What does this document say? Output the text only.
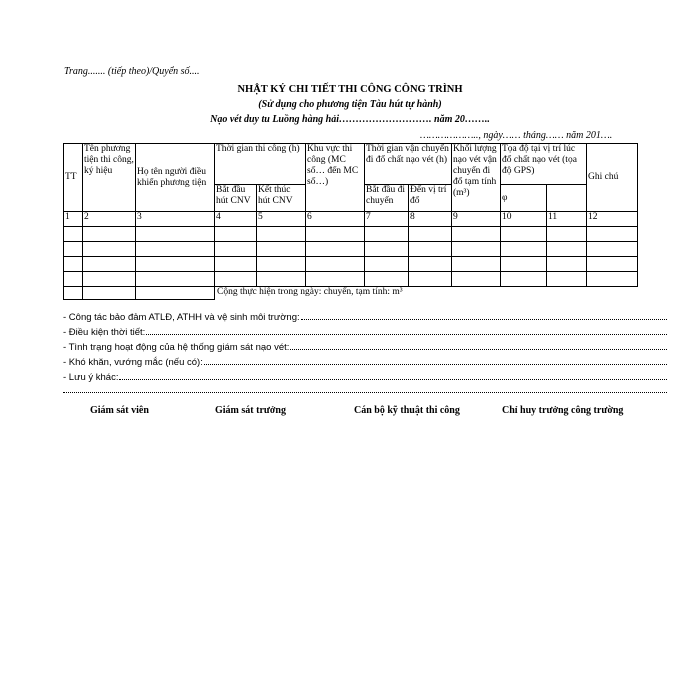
Trang....... (tiếp theo)/Quyển số....
NHẬT KÝ CHI TIẾT THI CÔNG CÔNG TRÌNH
(Sử dụng cho phương tiện Tàu hút tự hành)
Nạo vét duy tu Luồng hàng hải………………………. năm 20……..
……………….., ngày…… tháng…… năm 201….
TT	Tên phương tiện thi công, ký hiệu	Họ tên người điều khiển phương tiện	Thời gian thi công (h)		Khu vực thi công (MC số… đến MC số…)	Thời gian vận chuyển đi đổ chất nạo vét (h)		Khối lượng nạo vét vận chuyển đi đổ tạm tính (m³)	Tọa độ tại vị trí lúc đổ chất nạo vét (tọa độ GPS)		Ghi chú
			Bắt đầu hút CNV	Kết thúc hút CNV		Bắt đầu đi chuyển	Đến vị trí đổ		φ		
1	2	3	4	5	6	7	8	9	10	11	12

			Cộng thực hiện trong ngày: chuyến, tạm tính: m³								
- Công tác bảo đảm ATLĐ, ATHH và vệ sinh môi trường:
- Điều kiện thời tiết:
- Tình trạng hoạt động của hệ thống giám sát nạo vét:
- Khó khăn, vướng mắc (nếu có):
- Lưu ý khác:
Giám sát viên	Giám sát trưởng	Cán bộ kỹ thuật thi công	Chỉ huy trưởng công trường
